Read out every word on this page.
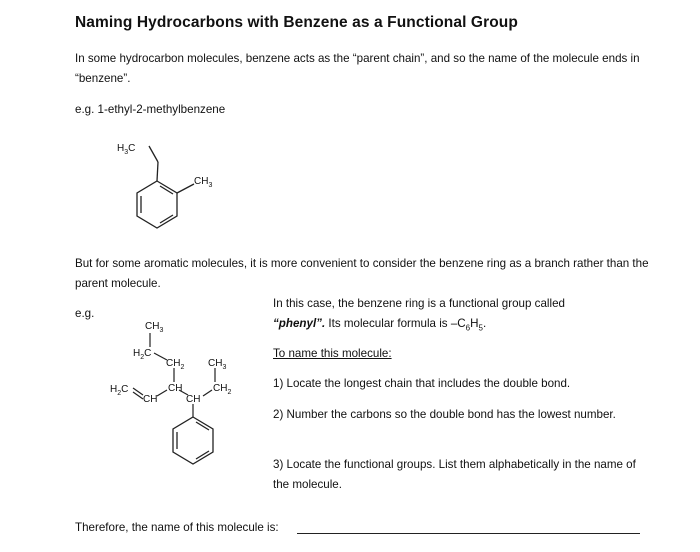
Naming Hydrocarbons with Benzene as a Functional Group
In some hydrocarbon molecules, benzene acts as the “parent chain”, and so the name of the molecule ends in “benzene”.
e.g. 1-ethyl-2-methylbenzene
$H_3C$
$CH_3$
But for some aromatic molecules, it is more convenient to consider the benzene ring as a branch rather than the parent molecule.
e.g.
$CH_3$
$H_2C$
$CH_2$ $CH_3$
$H_2C$	CH
CH	CH
$CH_2$
In this case, the benzene ring is a functional group called
“phenyl”. Its molecular formula is $-C_6H_5$.
To name this molecule:
1) Locate the longest chain that includes the double bond.
2) Number the carbons so the double bond has the lowest number.
3) Locate the functional groups. List them alphabetically in the name of the molecule.
Therefore, the name of this molecule is:
